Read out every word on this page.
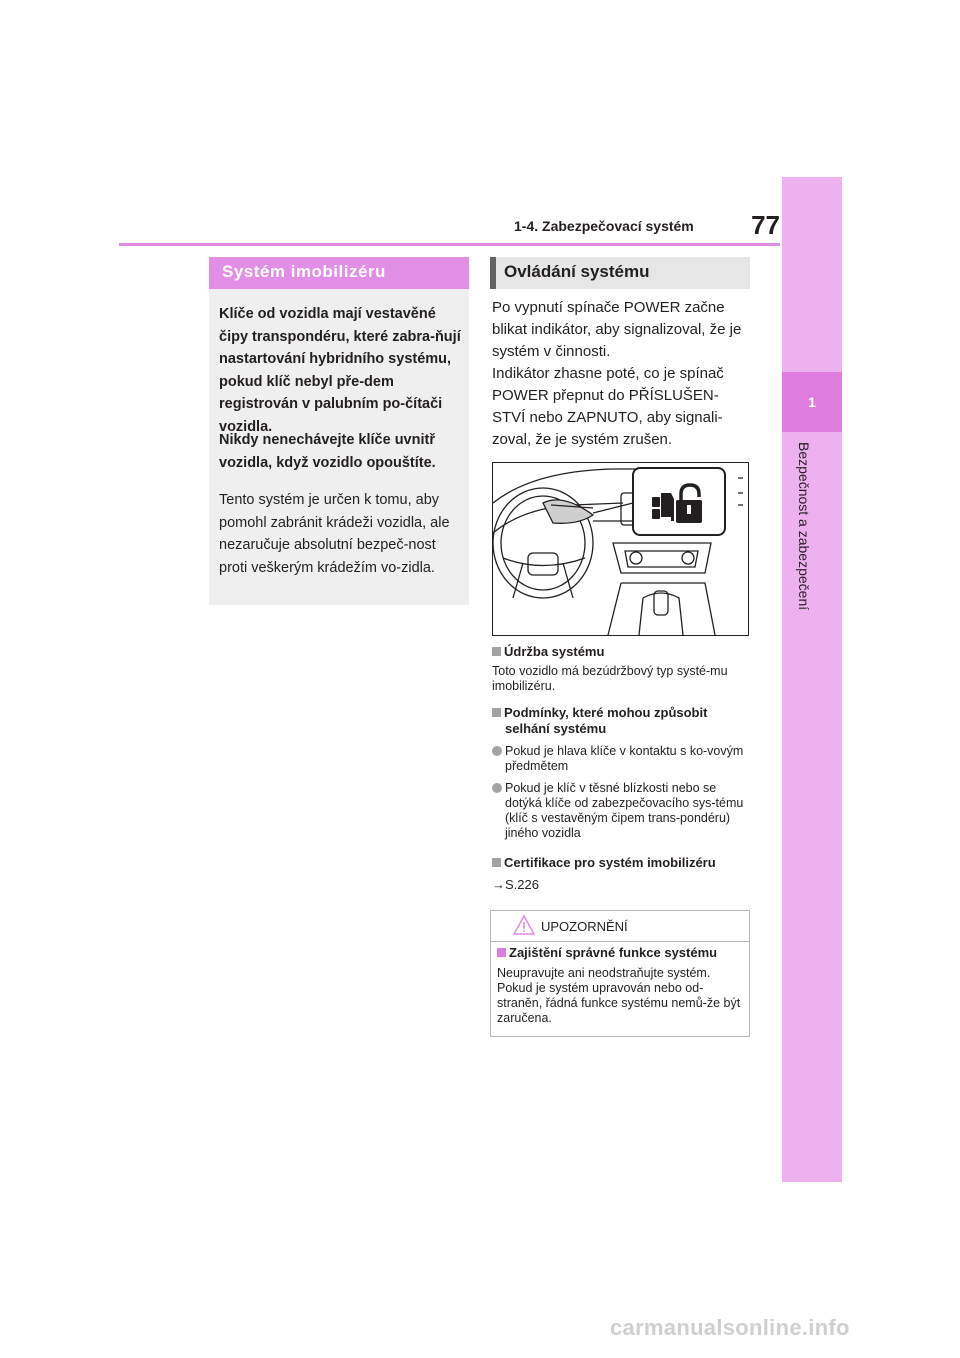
1-4. Zabezpečovací systém	77
1
Bezpečnost a zabezpečení
Systém imobilizéru
Klíče od vozidla mají vestavěné čipy transpondéru, které zabra-ňují nastartování hybridního systému, pokud klíč nebyl pře-dem registrován v palubním po-čítači vozidla.
Nikdy nenechávejte klíče uvnitř vozidla, když vozidlo opouštíte.
Tento systém je určen k tomu, aby pomohl zabránit krádeži vozidla, ale nezaručuje absolutní bezpeč-nost proti veškerým krádežím vo-zidla.
Ovládání systému
Po vypnutí spínače POWER začne blikat indikátor, aby signalizoval, že je systém v činnosti.
Indikátor zhasne poté, co je spínač POWER přepnut do PŘÍSLUŠEN-STVÍ nebo ZAPNUTO, aby signali-zoval, že je systém zrušen.
Údržba systému
Toto vozidlo má bezúdržbový typ systé-mu imobilizéru.
Podmínky, které mohou způsobit selhání systému
Pokud je hlava klíče v kontaktu s ko-vovým předmětem
Pokud je klíč v těsné blízkosti nebo se dotýká klíče od zabezpečovacího sys-tému (klíč s vestavěným čipem trans-pondéru) jiného vozidla
Certifikace pro systém imobilizéru
→S.226
UPOZORNĚNÍ
Zajištění správné funkce systému
Neupravujte ani neodstraňujte systém. Pokud je systém upravován nebo od-straněn, řádná funkce systému nemů-že být zaručena.
carmanualsonline.info
